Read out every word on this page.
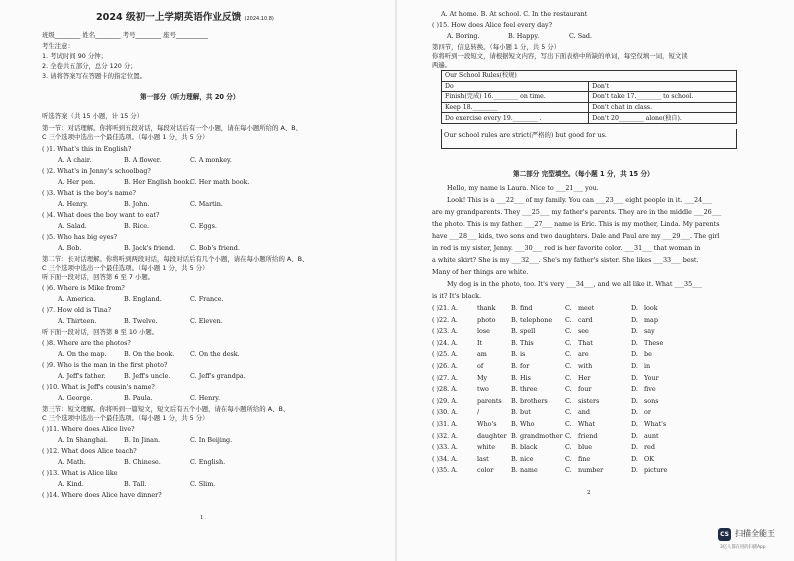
2024 级初一上学期英语作业反馈 (2024.10.8)
班级________ 姓名________ 考号________ 座号__________
考生注意：
1. 考试时间 90 分钟；
2. 全卷共五部分，总分 120 分；
3. 请将答案写在答题卡的指定位置。
第一部分（听力理解，共 20 分）
听选答案（共 15 小题，计 15 分）
第一节：对话理解。你将听到五段对话，每段对话后有一个小题，请在每小题所给的 A、B、
C 三个选项中选出一个最佳选项。（每小题 1 分，共 5 分）
( )1. What's this in English?
A. A chair.	B. A flower.	C. A monkey.
( )2. What's in Jenny's schoolbag?
A. Her pen.	B. Her English book.
C. Her math book.
( )3. What is the boy's name?
A. Henry.	B. John.	C. Martin.
( )4. What does the boy want to eat?
A. Salad.	B. Rice.	C. Eggs.
( )5. Who has big eyes?
A. Bob.	B. Jack's friend. C. Bob's friend.
第二节：长对话理解。你将听到两段对话，每段对话后有几个小题，请在每小题所给的 A、B、
C 三个选项中选出一个最佳选项。（每小题 1 分，共 5 分）
听下面一段对话，回答第 6 至 7 小题。
( )6. Where is Mike from?
A. America.	B. England.	C. France.
( )7. How old is Tina?
A. Thirteen.	B. Twelve.	C. Eleven.
听下面一段对话，回答第 8 至 10 小题。
( )8. Where are the photos?
A. On the map.	B. On the book. C. On the desk.
( )9. Who is the man in the first photo?
A. Jeff's father.	B. Jeff's uncle.	C. Jeff's grandpa.
( )10. What is Jeff's cousin's name?
A. George.	B. Paula.	C. Henry.
第三节：短文理解。你将听到一篇短文，短文后有五个小题，请在每小题所给的 A、B、
C 三个选项中选出一个最佳选项。（每小题 1 分，共 5 分）
( )11. Where does Alice live?
A. In Shanghai.	B. In Jinan.	C. In Beijing.
( )12. What does Alice teach?
A. Math.	B. Chinese.	C. English.
( )13. What is Alice like
A. Kind.	B. Tall.	C. Slim.
( )14. Where does Alice have dinner?
1
A. At home. B. At school. C. In the restaurant
( )15. How does Alice feel every day?
A. Boring.	B. Happy.	C. Sad.
第四节，信息转换。（每小题 1 分，共 5 分）
你将听到一段短文，请根据短文内容，写出下面表格中所缺的单词，每空仅填一词，短文读
两遍。
Our School Rules(校规)	
Do	Don't
Finish(完成) 16.________ on time.	Don't take 17.________ to school.
Keep 18.________	Don't chat in class.
Do exercise every 19.________ .	Don't 20________ alone(独自).
Our school rules are strict(严格的) but good for us.
第二部分 完型填空。（每小题 1 分，共 15 分）
Hello, my name is Laura. Nice to ___21___ you.
Look! This is a ___22___ of my family. You can ___23___ eight people in it. ___24___
are my grandparents. They ___25___ my father's parents. They are in the middle ___26___
the photo. This is my father. ___27___ name is Eric. This is my mother, Linda. My parents
have ___28___ kids, two sons and two daughters. Dale and Paul are my ___29___. The girl
in red is my sister, Jenny. ___30___ red is her favorite color. ___31___ that woman in
a white skirt? She is my ___32___. She's my father's sister. She likes ___33___ best.
Many of her things are white.
My dog is in the photo, too. It's very ___34___, and we all like it. What ___35___
is it? It's black.
( )21. A.	thank B. find	C. meet	D. look
( )22. A.	photo B. telephone C. card	D. map
( )23. A.	lose	B. spell	C. see	D. say
( )24. A.	It	B. This	C. That	D. These
( )25. A.	am	B. is	C. are	D. be
( )26. A.	of	B. for	C. with	D. in
( )27. A.	My	B. His	C. Her	D. Your
( )28. A.	two	B. three	C. four	D. five
( )29. A.	parents B. brothers	C. sisters	D. sons
( )30. A.	/	B. but	C. and	D. or
( )31. A.	Who's B. Who	C. What	D. What's
( )32. A.	daughter B. grandmother C. friend	D. aunt
( )33. A.	white	B. black	C. blue	D. red
( )34. A.	last	B. nice	C. fine	D. OK
( )35. A.	color	B. name	C. number	D. picture
2
CS 扫描全能王
3亿人都在用的扫描App
